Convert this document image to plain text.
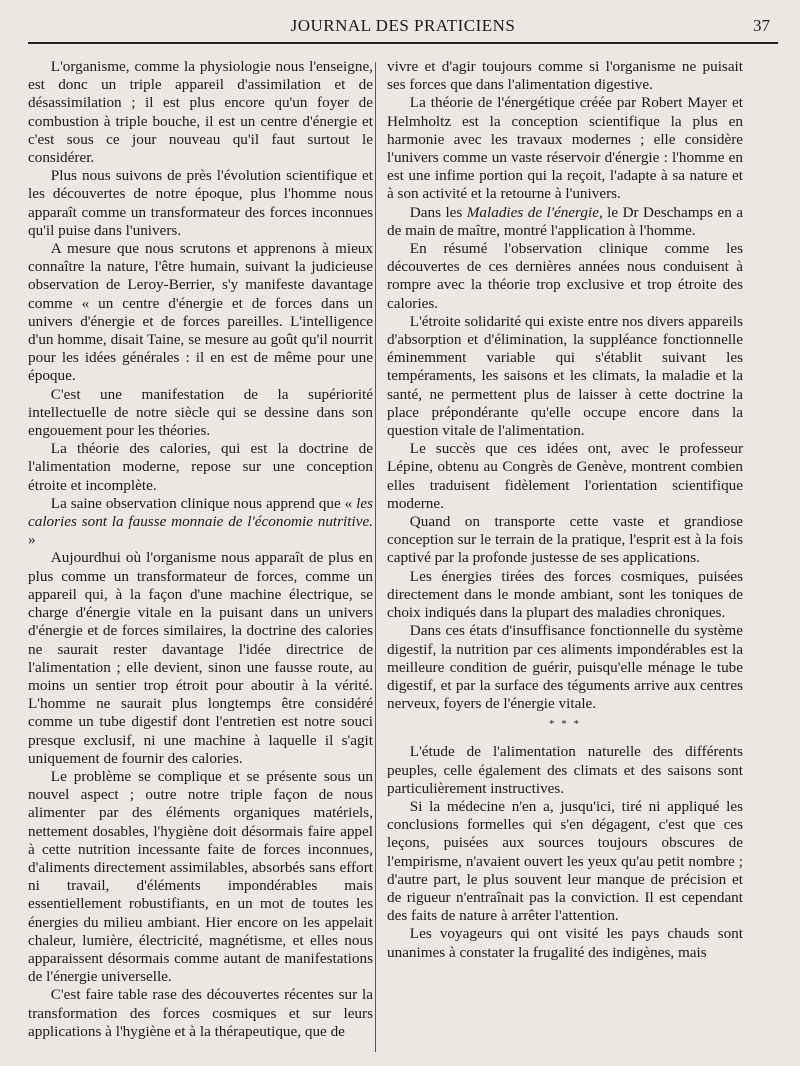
JOURNAL DES PRATICIENS	37

L'organisme, comme la physiologie nous l'enseigne, est donc un triple appareil d'assimilation et de désassimilation ; il est plus encore qu'un foyer de combustion à triple bouche, il est un centre d'énergie et c'est sous ce jour nouveau qu'il faut surtout le considérer.

Plus nous suivons de près l'évolution scientifique et les découvertes de notre époque, plus l'homme nous apparaît comme un transformateur des forces inconnues qu'il puise dans l'univers.

A mesure que nous scrutons et apprenons à mieux connaître la nature, l'être humain, suivant la judicieuse observation de Leroy-Berrier, s'y manifeste davantage comme « un centre d'énergie et de forces dans un univers d'énergie et de forces pareilles. L'intelligence d'un homme, disait Taine, se mesure au goût qu'il nourrit pour les idées générales : il en est de même pour une époque.

C'est une manifestation de la supériorité intellectuelle de notre siècle qui se dessine dans son engouement pour les théories.

La théorie des calories, qui est la doctrine de l'alimentation moderne, repose sur une conception étroite et incomplète.

La saine observation clinique nous apprend que « les calories sont la fausse monnaie de l'économie nutritive. »

Aujourdhui où l'organisme nous apparaît de plus en plus comme un transformateur de forces, comme un appareil qui, à la façon d'une machine électrique, se charge d'énergie vitale en la puisant dans un univers d'énergie et de forces similaires, la doctrine des calories ne saurait rester davantage l'idée directrice de l'alimentation ; elle devient, sinon une fausse route, au moins un sentier trop étroit pour aboutir à la vérité. L'homme ne saurait plus longtemps être considéré comme un tube digestif dont l'entretien est notre souci presque exclusif, ni une machine à laquelle il s'agit uniquement de fournir des calories.

Le problème se complique et se présente sous un nouvel aspect ; outre notre triple façon de nous alimenter par des éléments organiques matériels, nettement dosables, l'hygiène doit désormais faire appel à cette nutrition incessante faite de forces inconnues, d'aliments directement assimilables, absorbés sans effort ni travail, d'éléments impondérables mais essentiellement robustifiants, en un mot de toutes les énergies du milieu ambiant. Hier encore on les appelait chaleur, lumière, électricité, magnétisme, et elles nous apparaissent désormais comme autant de manifestations de l'énergie universelle.

C'est faire table rase des découvertes récentes sur la transformation des forces cosmiques et sur leurs applications à l'hygiène et à la thérapeutique, que de

vivre et d'agir toujours comme si l'organisme ne puisait ses forces que dans l'alimentation digestive.

La théorie de l'énergétique créée par Robert Mayer et Helmholtz est la conception scientifique la plus en harmonie avec les travaux modernes ; elle considère l'univers comme un vaste réservoir d'énergie : l'homme en est une infime portion qui la reçoit, l'adapte à sa nature et à son activité et la retourne à l'univers.

Dans les Maladies de l'énergie, le Dr Deschamps en a de main de maître, montré l'application à l'homme.

En résumé l'observation clinique comme les découvertes de ces dernières années nous conduisent à rompre avec la théorie trop exclusive et trop étroite des calories.

L'étroite solidarité qui existe entre nos divers appareils d'absorption et d'élimination, la suppléance fonctionnelle éminemment variable qui s'établit suivant les tempéraments, les saisons et les climats, la maladie et la santé, ne permettent plus de laisser à cette doctrine la place prépondérante qu'elle occupe encore dans la question vitale de l'alimentation.

Le succès que ces idées ont, avec le professeur Lépine, obtenu au Congrès de Genève, montrent combien elles traduisent fidèlement l'orientation scientifique moderne.

Quand on transporte cette vaste et grandiose conception sur le terrain de la pratique, l'esprit est à la fois captivé par la profonde justesse de ses applications.

Les énergies tirées des forces cosmiques, puisées directement dans le monde ambiant, sont les toniques de choix indiqués dans la plupart des maladies chroniques.

Dans ces états d'insuffisance fonctionnelle du système digestif, la nutrition par ces aliments impondérables est la meilleure condition de guérir, puisqu'elle ménage le tube digestif, et par la surface des téguments arrive aux centres nerveux, foyers de l'énergie vitale.

* * *

L'étude de l'alimentation naturelle des différents peuples, celle également des climats et des saisons sont particulièrement instructives.

Si la médecine n'en a, jusqu'ici, tiré ni appliqué les conclusions formelles qui s'en dégagent, c'est que ces leçons, puisées aux sources toujours obscures de l'empirisme, n'avaient ouvert les yeux qu'au petit nombre ; d'autre part, le plus souvent leur manque de précision et de rigueur n'entraînait pas la conviction. Il est cependant des faits de nature à arrêter l'attention.

Les voyageurs qui ont visité les pays chauds sont unanimes à constater la frugalité des indigènes, mais
